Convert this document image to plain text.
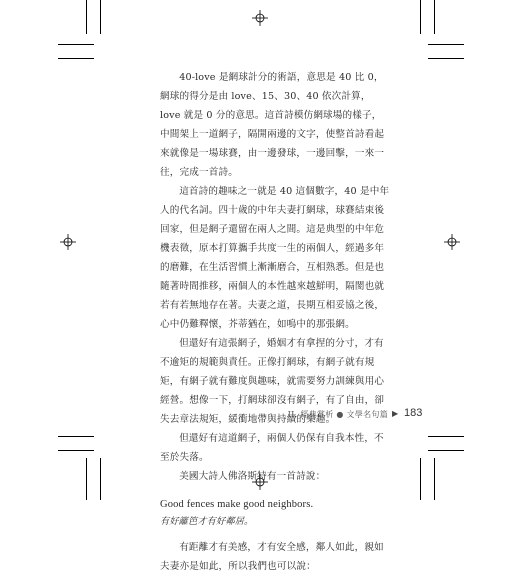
40-love 是網球計分的術語，意思是 40 比 0，網球的得分是由 love、15、30、40 依次計算，love 就是 0 分的意思。這首詩模仿網球場的樣子，中間架上一道網子，隔開兩邊的文字，使整首詩看起來就像是一場球賽，由一邊發球，一邊回擊，一來一往，完成一首詩。

這首詩的趣味之一就是 40 這個數字，40 是中年人的代名詞。四十歲的中年夫妻打網球，球賽結束後回家，但是網子還留在兩人之間。這是典型的中年危機表徵，原本打算攜手共度一生的兩個人，經過多年的磨難，在生活習慣上漸漸磨合，互相熟悉。但是也隨著時間推移，兩個人的本性越來越鮮明，隔閡也就若有若無地存在著。夫妻之道，長期互相妥協之後，心中仍難釋懷，芥蒂猶在，如鳴中的那張網。

但還好有這張網子，婚姻才有拿捏的分寸，才有不逾矩的規範與責任。正像打網球，有網子就有規矩，有網子就有難度與趣味，就需要努力訓練與用心經營。想像一下，打網球卻沒有網子，有了自由，卻失去章法規矩，緩衝地帶與持續的樂趣。

但還好有這道網子，兩個人仍保有自我本性，不至於失落。

美國大詩人佛洛斯特有一首詩說：

Good fences make good neighbors.

有好籬笆才有好鄰居。

有距離才有美感，才有安全感，鄰人如此，親如夫妻亦是如此，所以我們也可以說：

II. 經典賞析 ● 文學名句篇 ▶ 183
